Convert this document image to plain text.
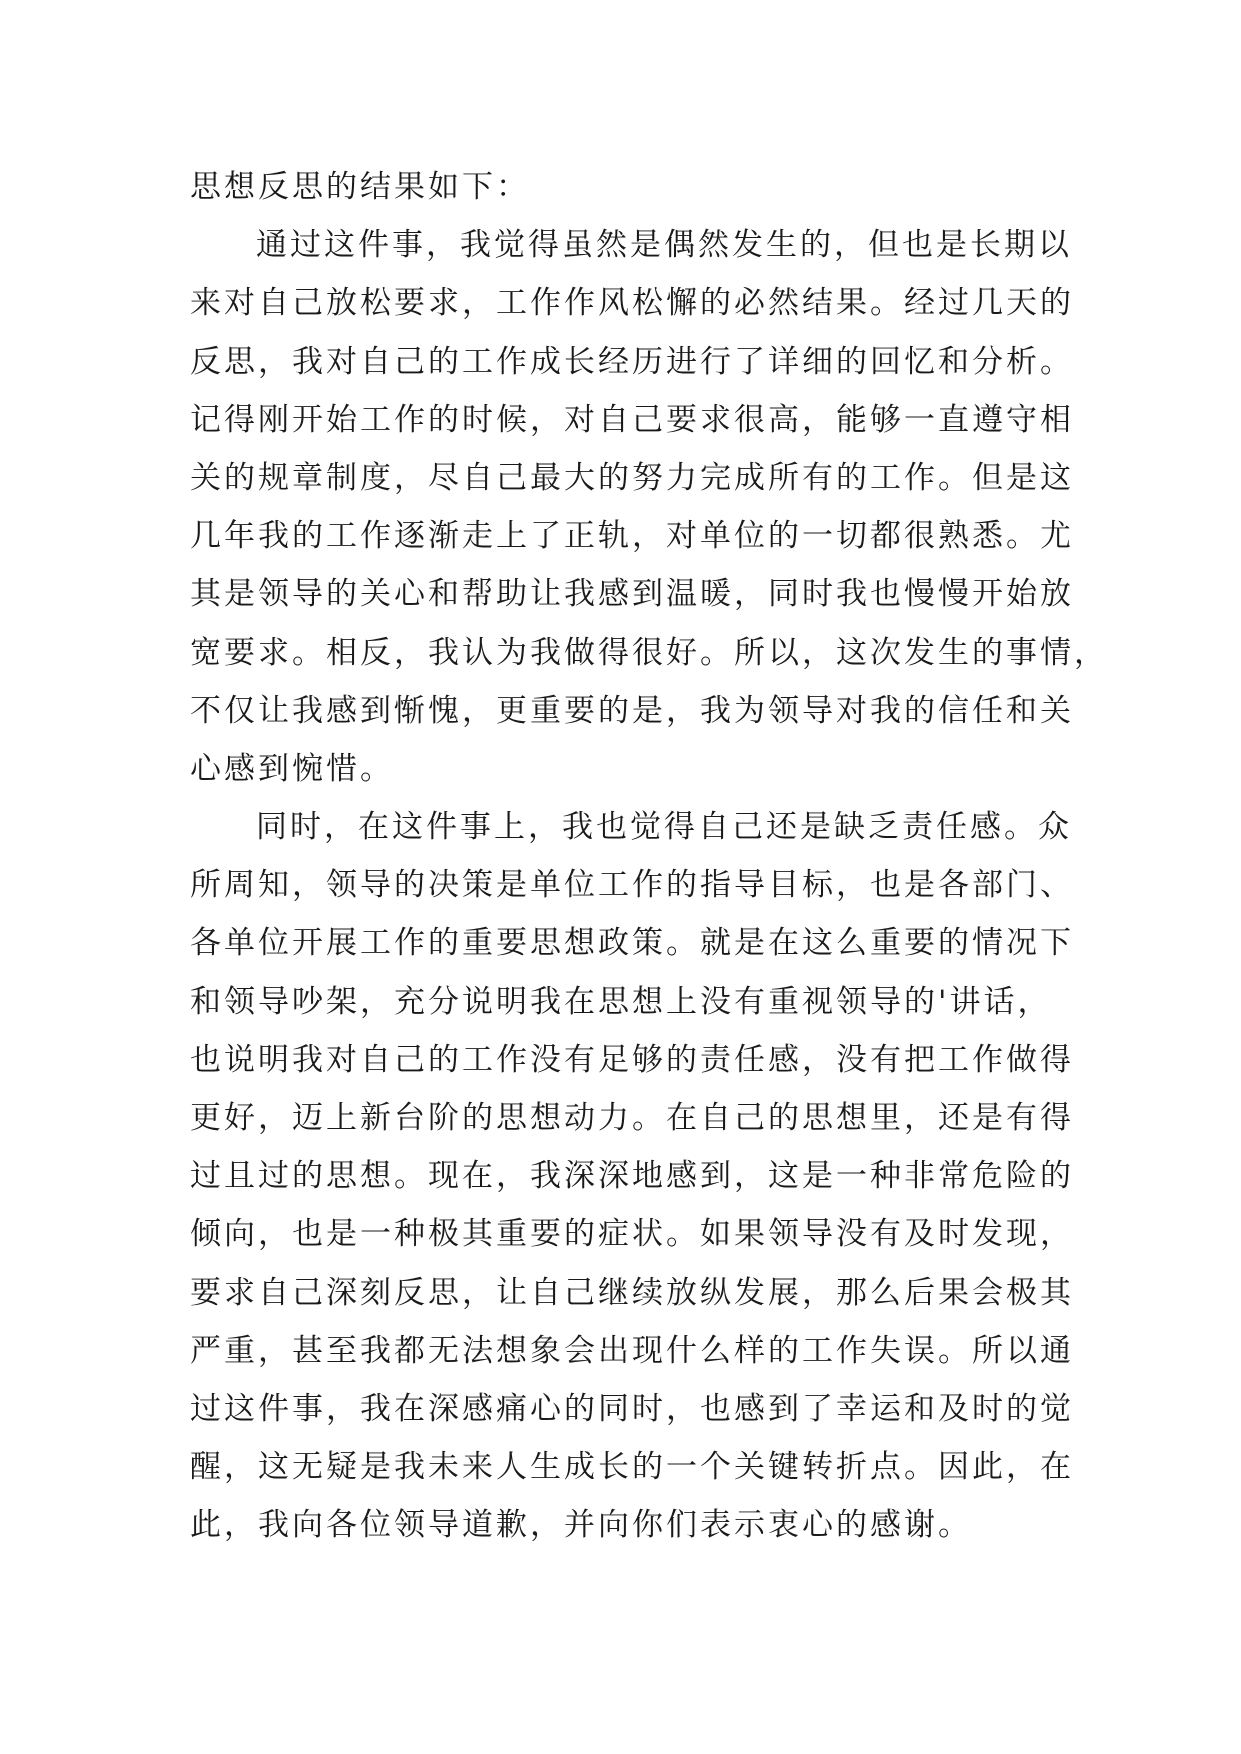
思想反思的结果如下：
通过这件事，我觉得虽然是偶然发生的，但也是长期以
来对自己放松要求，工作作风松懈的必然结果。经过几天的
反思，我对自己的工作成长经历进行了详细的回忆和分析。
记得刚开始工作的时候，对自己要求很高，能够一直遵守相
关的规章制度，尽自己最大的努力完成所有的工作。但是这
几年我的工作逐渐走上了正轨，对单位的一切都很熟悉。尤
其是领导的关心和帮助让我感到温暖，同时我也慢慢开始放
宽要求。相反，我认为我做得很好。所以，这次发生的事情，
不仅让我感到惭愧，更重要的是，我为领导对我的信任和关
心感到惋惜。
同时，在这件事上，我也觉得自己还是缺乏责任感。众
所周知，领导的决策是单位工作的指导目标，也是各部门、
各单位开展工作的重要思想政策。就是在这么重要的情况下
和领导吵架，充分说明我在思想上没有重视领导的'讲话，
也说明我对自己的工作没有足够的责任感，没有把工作做得
更好，迈上新台阶的思想动力。在自己的思想里，还是有得
过且过的思想。现在，我深深地感到，这是一种非常危险的
倾向，也是一种极其重要的症状。如果领导没有及时发现，
要求自己深刻反思，让自己继续放纵发展，那么后果会极其
严重，甚至我都无法想象会出现什么样的工作失误。所以通
过这件事，我在深感痛心的同时，也感到了幸运和及时的觉
醒，这无疑是我未来人生成长的一个关键转折点。因此，在
此，我向各位领导道歉，并向你们表示衷心的感谢。
